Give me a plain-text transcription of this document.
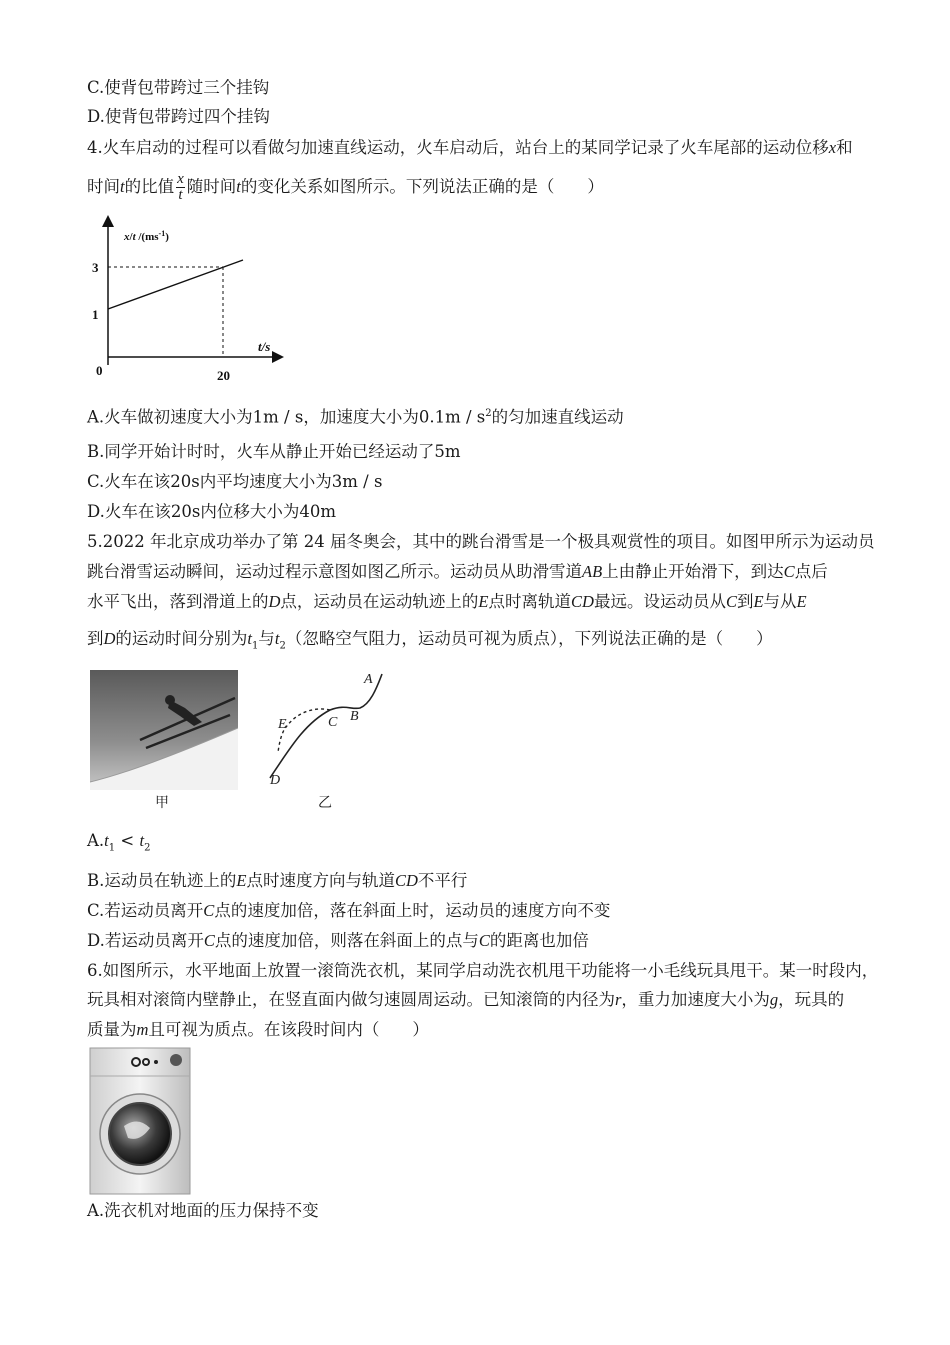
C.使背包带跨过三个挂钩
D.使背包带跨过四个挂钩
4.火车启动的过程可以看做匀加速直线运动，火车启动后，站台上的某同学记录了火车尾部的运动位移x和
时间t的比值 $\frac{x}{t}$ 随时间t的变化关系如图所示。下列说法正确的是（　　）
x/t $/(ms^{-1})$
3
1
0	20
t/s
A.火车做初速度大小为1m / s，加速度大小为$0.1m / s^2$的匀加速直线运动
B.同学开始计时时，火车从静止开始已经运动了5m
C.火车在该20s内平均速度大小为3m / s
D.火车在该20s内位移大小为40m
5.2022 年北京成功举办了第 24 届冬奥会，其中的跳台滑雪是一个极具观赏性的项目。如图甲所示为运动员
跳台滑雪运动瞬间，运动过程示意图如图乙所示。运动员从助滑雪道AB上由静止开始滑下，到达C点后
水平飞出，落到滑道上的D点，运动员在运动轨迹上的E点时离轨道CD最远。设运动员从C到E与从E
到D的运动时间分别为$t_1$与$t_2$（忽略空气阻力，运动员可视为质点），下列说法正确的是（　　）
甲
A
B
C
E
D
乙
$A.t_1 < t_2$
B.运动员在轨迹上的E点时速度方向与轨道CD不平行
C.若运动员离开C点的速度加倍，落在斜面上时，运动员的速度方向不变
D.若运动员离开C点的速度加倍，则落在斜面上的点与C的距离也加倍
6.如图所示，水平地面上放置一滚筒洗衣机，某同学启动洗衣机甩干功能将一小毛线玩具甩干。某一时段内，
玩具相对滚筒内壁静止，在竖直面内做匀速圆周运动。已知滚筒的内径为r，重力加速度大小为g，玩具的
质量为m且可视为质点。在该段时间内（　　）
A.洗衣机对地面的压力保持不变
